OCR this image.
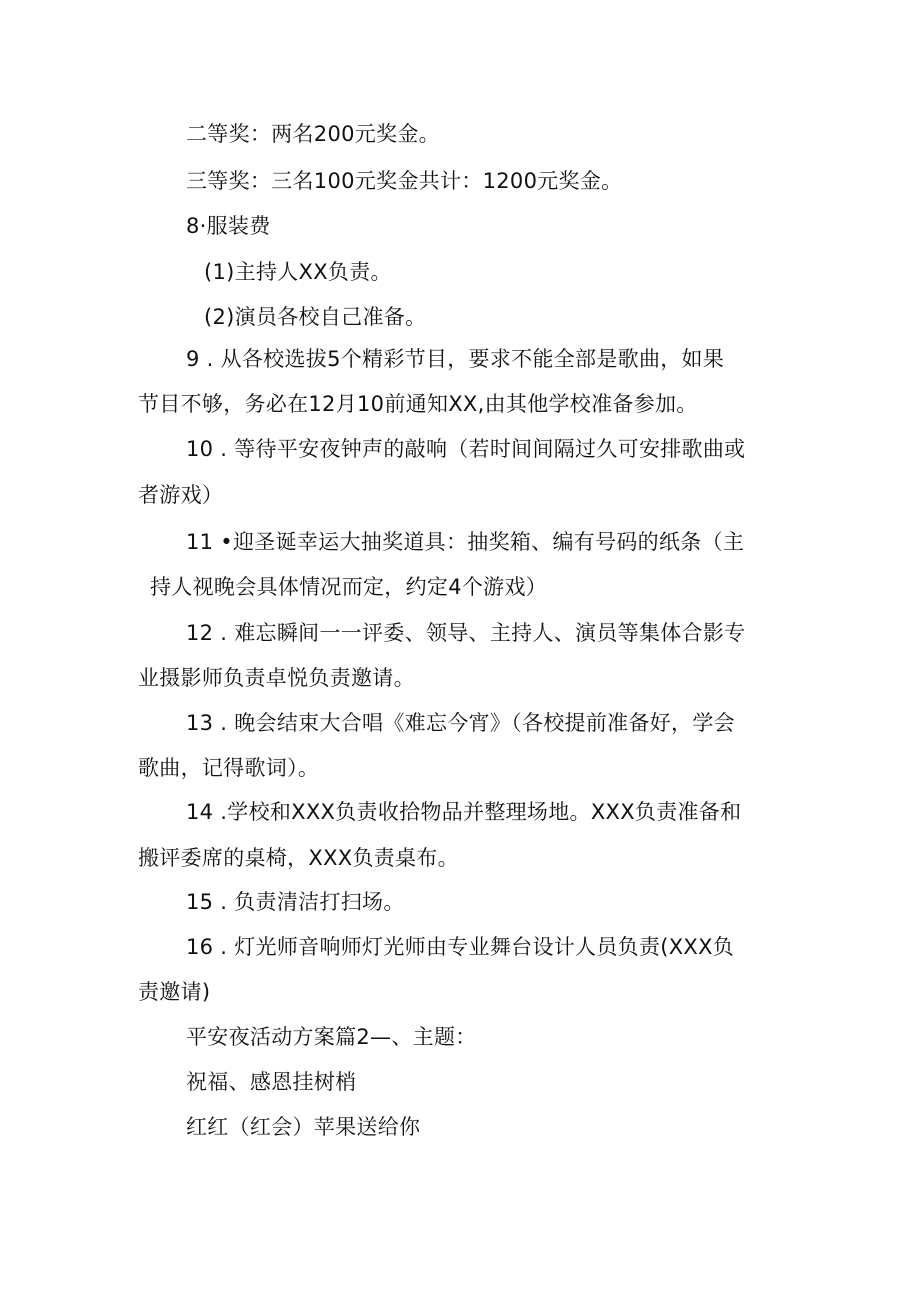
二等奖：两名200元奖金。
三等奖：三名100元奖金共计：1200元奖金。
8·服装费
(1)主持人XX负责。
(2)演员各校自己准备。
9 . 从各校选拔5个精彩节目，要求不能全部是歌曲，如果
节目不够，务必在12月10前通知XX,由其他学校准备参加。
10 . 等待平安夜钟声的敲响（若时间间隔过久可安排歌曲或
者游戏）
11 •迎圣诞幸运大抽奖道具：抽奖箱、编有号码的纸条（主
持人视晚会具体情况而定，约定4个游戏）
12 . 难忘瞬间一一评委、领导、主持人、演员等集体合影专
业摄影师负责卓悦负责邀请。
13 . 晚会结束大合唱《难忘今宵》（各校提前准备好，学会
歌曲，记得歌词）。
14 .学校和XXX负责收拾物品并整理场地。XXX负责准备和
搬评委席的桌椅，XXX负责桌布。
15 . 负责清洁打扫场。
16 . 灯光师音响师灯光师由专业舞台设计人员负责(XXX负
责邀请)
平安夜活动方案篇2—、主题：
祝福、感恩挂树梢
红红（红会）苹果送给你
